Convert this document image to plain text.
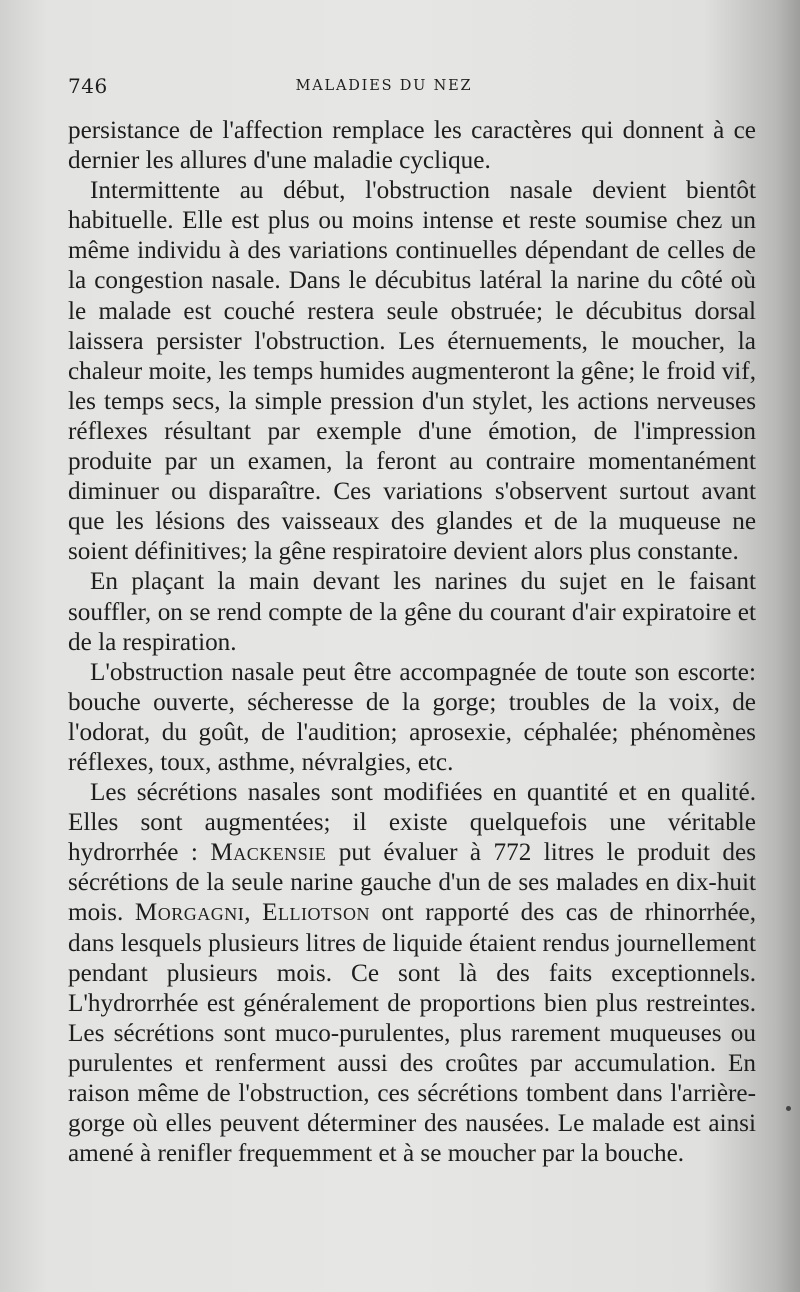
746	MALADIES DU NEZ

persistance de l'affection remplace les caractères qui donnent à ce dernier les allures d'une maladie cyclique.

Intermittente au début, l'obstruction nasale devient bientôt habituelle. Elle est plus ou moins intense et reste soumise chez un même individu à des variations continuelles dépendant de celles de la congestion nasale. Dans le décubitus latéral la narine du côté où le malade est couché restera seule obstruée; le décubitus dorsal laissera persister l'obstruction. Les éternuements, le moucher, la chaleur moite, les temps humides augmenteront la gêne; le froid vif, les temps secs, la simple pression d'un stylet, les actions nerveuses réflexes résultant par exemple d'une émotion, de l'impression produite par un examen, la feront au contraire momentanément diminuer ou disparaître. Ces variations s'observent surtout avant que les lésions des vaisseaux des glandes et de la muqueuse ne soient définitives; la gêne respiratoire devient alors plus constante.

En plaçant la main devant les narines du sujet en le faisant souffler, on se rend compte de la gêne du courant d'air expiratoire et de la respiration.

L'obstruction nasale peut être accompagnée de toute son escorte: bouche ouverte, sécheresse de la gorge; troubles de la voix, de l'odorat, du goût, de l'audition; aprosexie, céphalée; phénomènes réflexes, toux, asthme, névralgies, etc.

Les sécrétions nasales sont modifiées en quantité et en qualité. Elles sont augmentées; il existe quelquefois une véritable hydrorrhée : Mackensie put évaluer à 772 litres le produit des sécrétions de la seule narine gauche d'un de ses malades en dix-huit mois. Morgagni, Elliotson ont rapporté des cas de rhinorrhée, dans lesquels plusieurs litres de liquide étaient rendus journellement pendant plusieurs mois. Ce sont là des faits exceptionnels. L'hydrorrhée est généralement de proportions bien plus restreintes. Les sécrétions sont muco-purulentes, plus rarement muqueuses ou purulentes et renferment aussi des croûtes par accumulation. En raison même de l'obstruction, ces sécrétions tombent dans l'arrière-gorge où elles peuvent déterminer des nausées. Le malade est ainsi amené à renifler frequemment et à se moucher par la bouche.
